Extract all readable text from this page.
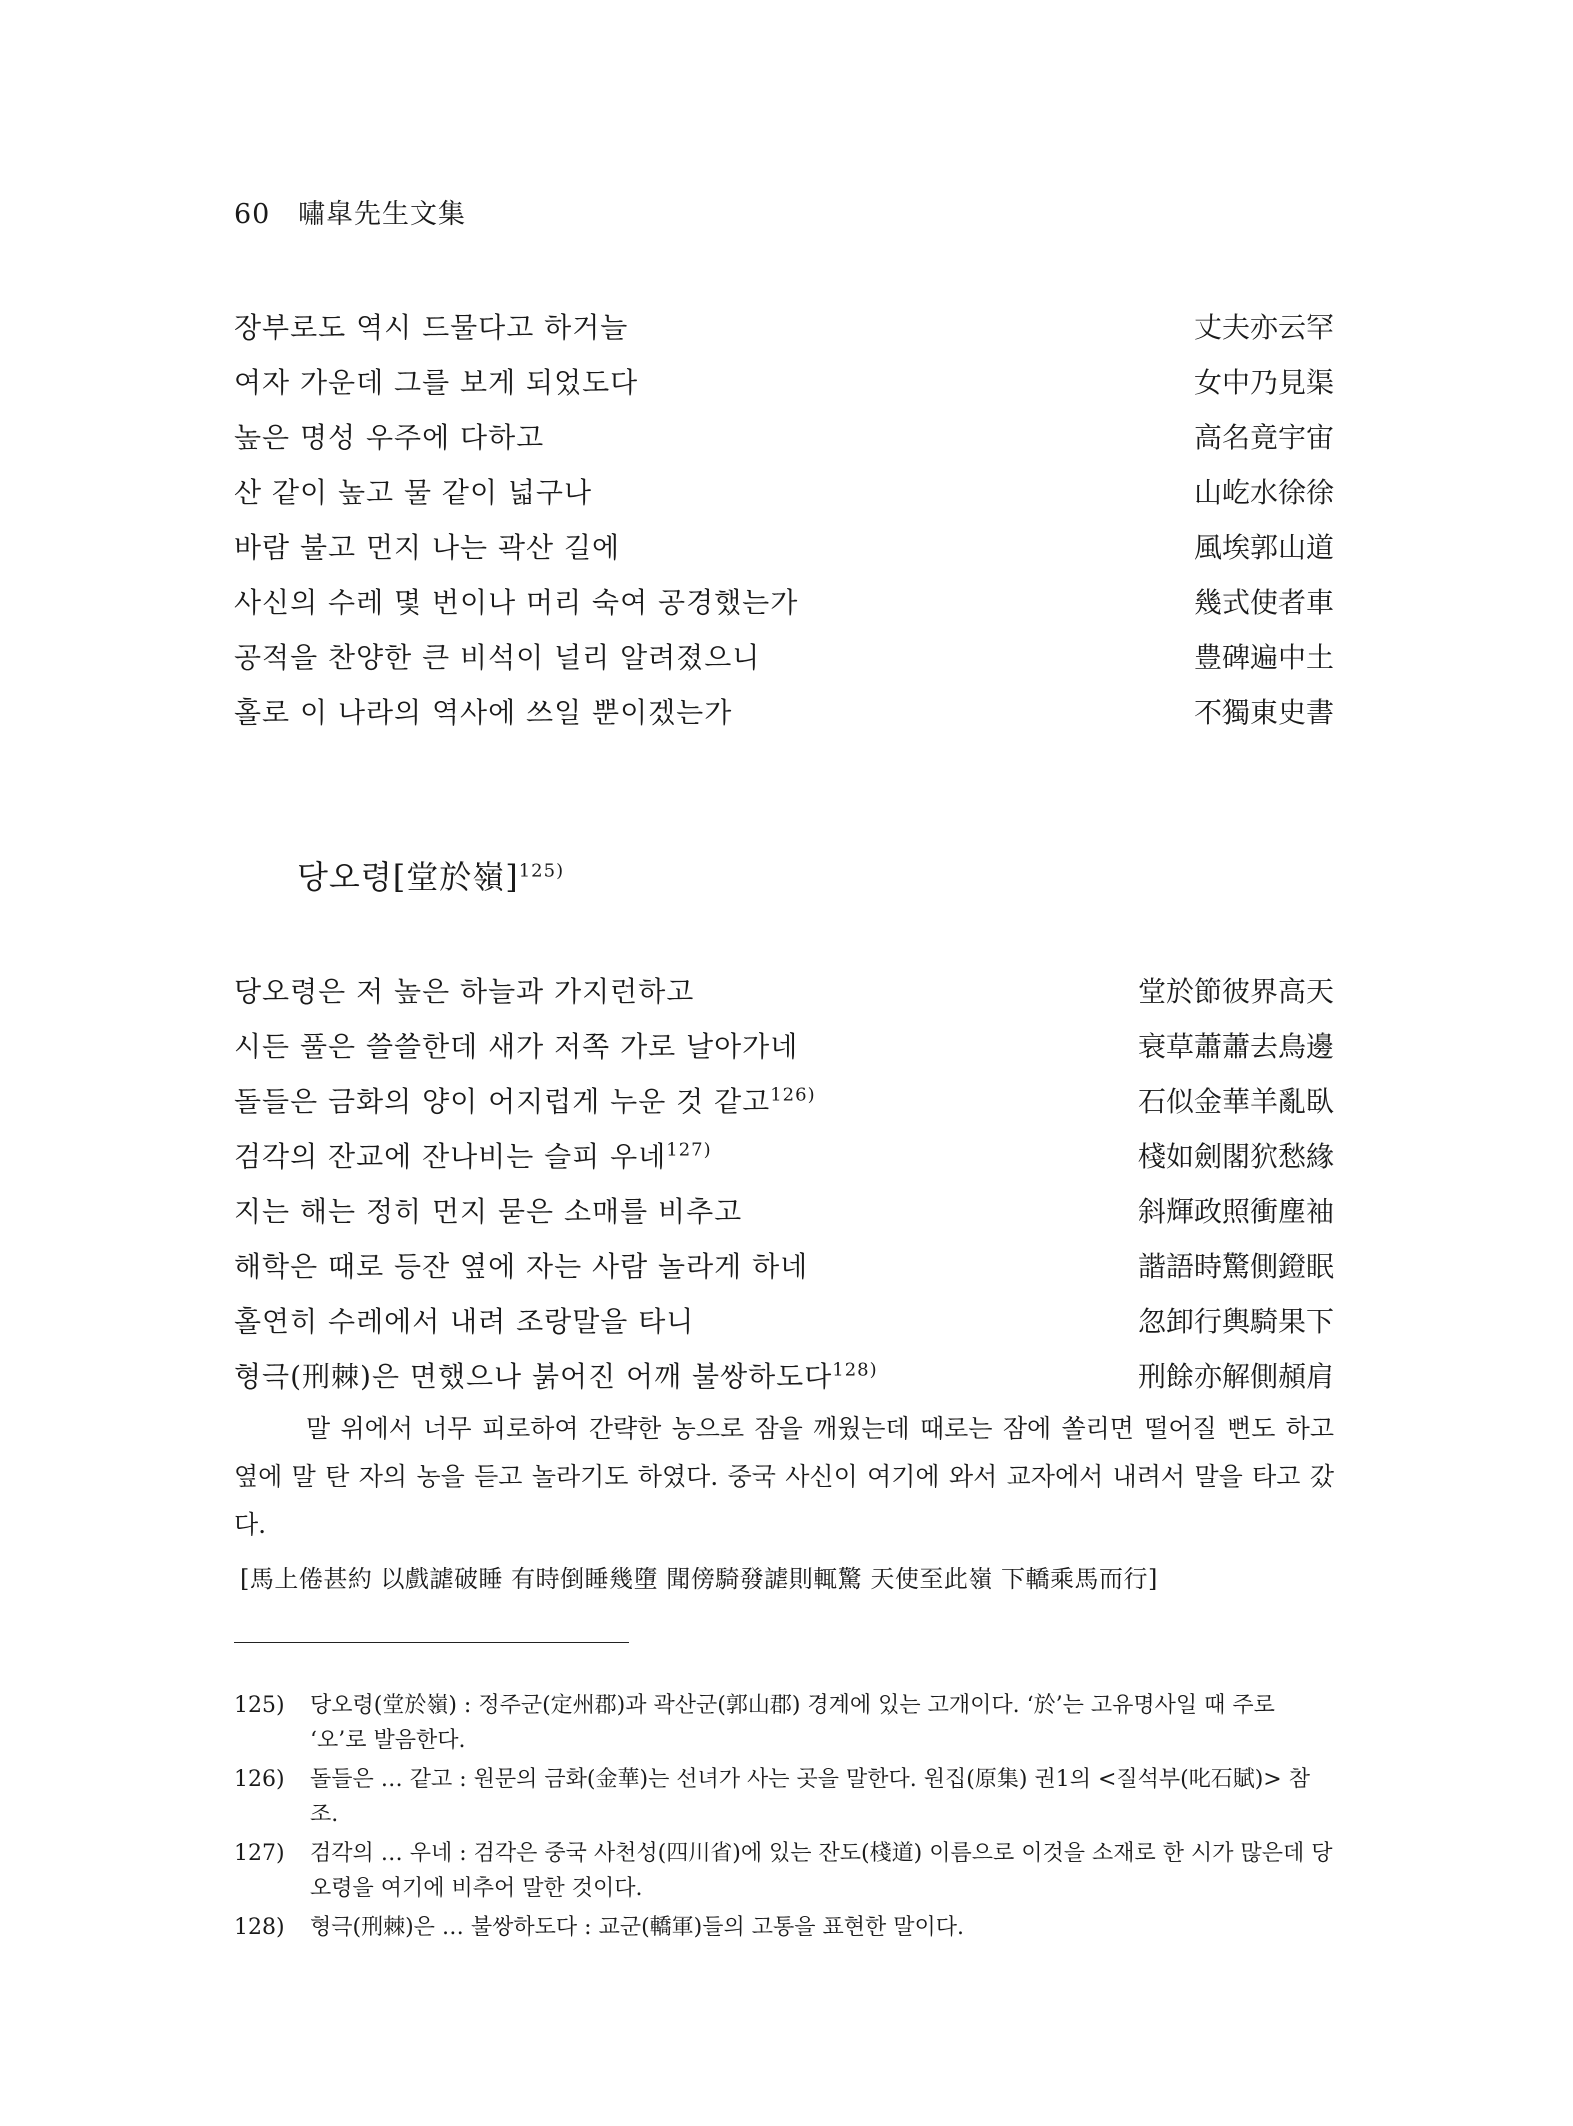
60 嘯皐先生文集
장부로도 역시 드물다고 하거늘	丈夫亦云罕
여자 가운데 그를 보게 되었도다	女中乃見渠
높은 명성 우주에 다하고	高名竟宇宙
산 같이 높고 물 같이 넓구나	山屹水徐徐
바람 불고 먼지 나는 곽산 길에	風埃郭山道
사신의 수레 몇 번이나 머리 숙여 공경했는가	幾式使者車
공적을 찬양한 큰 비석이 널리 알려졌으니	豊碑遍中土
홀로 이 나라의 역사에 쓰일 뿐이겠는가	不獨東史書
당오령[堂於嶺]$^{125)}$
당오령은 저 높은 하늘과 가지런하고	堂於節彼界高天
시든 풀은 쓸쓸한데 새가 저쪽 가로 날아가네	衰草蕭蕭去鳥邊
돌들은 금화의 양이 어지럽게 누운 것 같고$^{126)}$	石似金華羊亂臥
검각의 잔교에 잔나비는 슬피 우네$^{127)}$	棧如劍閣狖愁緣
지는 해는 정히 먼지 묻은 소매를 비추고	斜輝政照衝塵袖
해학은 때로 등잔 옆에 자는 사람 놀라게 하네	諧語時驚側鐙眠
홀연히 수레에서 내려 조랑말을 타니	忽卸行輿騎果下
형극(刑棘)은 면했으나 붉어진 어깨 불쌍하도다$^{128)}$	刑餘亦解側頳肩

말 위에서 너무 피로하여 간략한 농으로 잠을 깨웠는데 때로는 잠에 쏠리면 떨어질 뻔도 하고 옆에 말 탄 자의 농을 듣고 놀라기도 하였다. 중국 사신이 여기에 와서 교자에서 내려서 말을 타고 갔다.

[馬上倦甚約 以戲謔破睡 有時倒睡幾墮 聞傍騎發謔則輒驚 天使至此嶺 下轎乘馬而行]

125) 당오령(堂於嶺) : 정주군(定州郡)과 곽산군(郭山郡) 경계에 있는 고개이다. ‘於’는 고유명사일 때 주로 ‘오’로 발음한다.
126) 돌들은 … 같고 : 원문의 금화(金華)는 선녀가 사는 곳을 말한다. 원집(原集) 권1의 <질석부(叱石賦)> 참조.
127) 검각의 … 우네 : 검각은 중국 사천성(四川省)에 있는 잔도(棧道) 이름으로 이것을 소재로 한 시가 많은데 당오령을 여기에 비추어 말한 것이다.
128) 형극(刑棘)은 … 불쌍하도다 : 교군(轎軍)들의 고통을 표현한 말이다.
